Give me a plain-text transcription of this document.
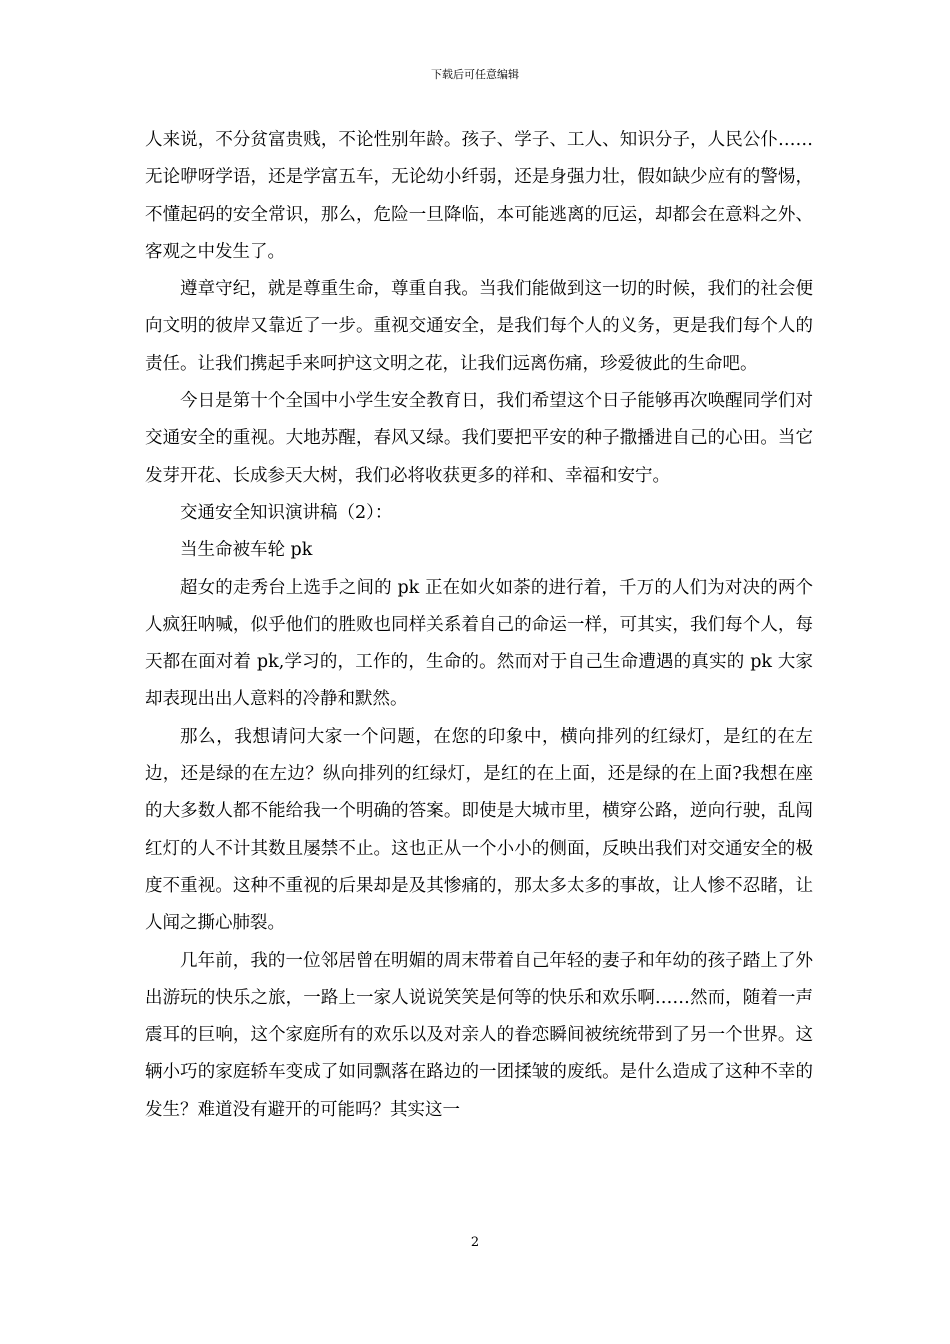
下载后可任意编辑

人来说，不分贫富贵贱，不论性别年龄。孩子、学子、工人、知识分子，人民公仆……无论咿呀学语，还是学富五车，无论幼小纤弱，还是身强力壮，假如缺少应有的警惕，不懂起码的安全常识，那么，危险一旦降临，本可能逃离的厄运，却都会在意料之外、客观之中发生了。

遵章守纪，就是尊重生命，尊重自我。当我们能做到这一切的时候，我们的社会便向文明的彼岸又靠近了一步。重视交通安全，是我们每个人的义务，更是我们每个人的责任。让我们携起手来呵护这文明之花，让我们远离伤痛，珍爱彼此的生命吧。

今日是第十个全国中小学生安全教育日，我们希望这个日子能够再次唤醒同学们对交通安全的重视。大地苏醒，春风又绿。我们要把平安的种子撒播进自己的心田。当它发芽开花、长成参天大树，我们必将收获更多的祥和、幸福和安宁。

交通安全知识演讲稿（2）：

当生命被车轮 pk

超女的走秀台上选手之间的 pk 正在如火如荼的进行着，千万的人们为对决的两个人疯狂呐喊，似乎他们的胜败也同样关系着自己的命运一样，可其实，我们每个人，每天都在面对着 pk,学习的，工作的，生命的。然而对于自己生命遭遇的真实的 pk 大家却表现出出人意料的冷静和默然。

那么，我想请问大家一个问题，在您的印象中，横向排列的红绿灯，是红的在左边，还是绿的在左边？纵向排列的红绿灯，是红的在上面，还是绿的在上面?我想在座的大多数人都不能给我一个明确的答案。即使是大城市里，横穿公路，逆向行驶，乱闯红灯的人不计其数且屡禁不止。这也正从一个小小的侧面，反映出我们对交通安全的极度不重视。这种不重视的后果却是及其惨痛的，那太多太多的事故，让人惨不忍睹，让人闻之撕心肺裂。

几年前，我的一位邻居曾在明媚的周末带着自己年轻的妻子和年幼的孩子踏上了外出游玩的快乐之旅，一路上一家人说说笑笑是何等的快乐和欢乐啊……然而，随着一声震耳的巨响，这个家庭所有的欢乐以及对亲人的眷恋瞬间被统统带到了另一个世界。这辆小巧的家庭轿车变成了如同飘落在路边的一团揉皱的废纸。是什么造成了这种不幸的发生？难道没有避开的可能吗？其实这一

2
